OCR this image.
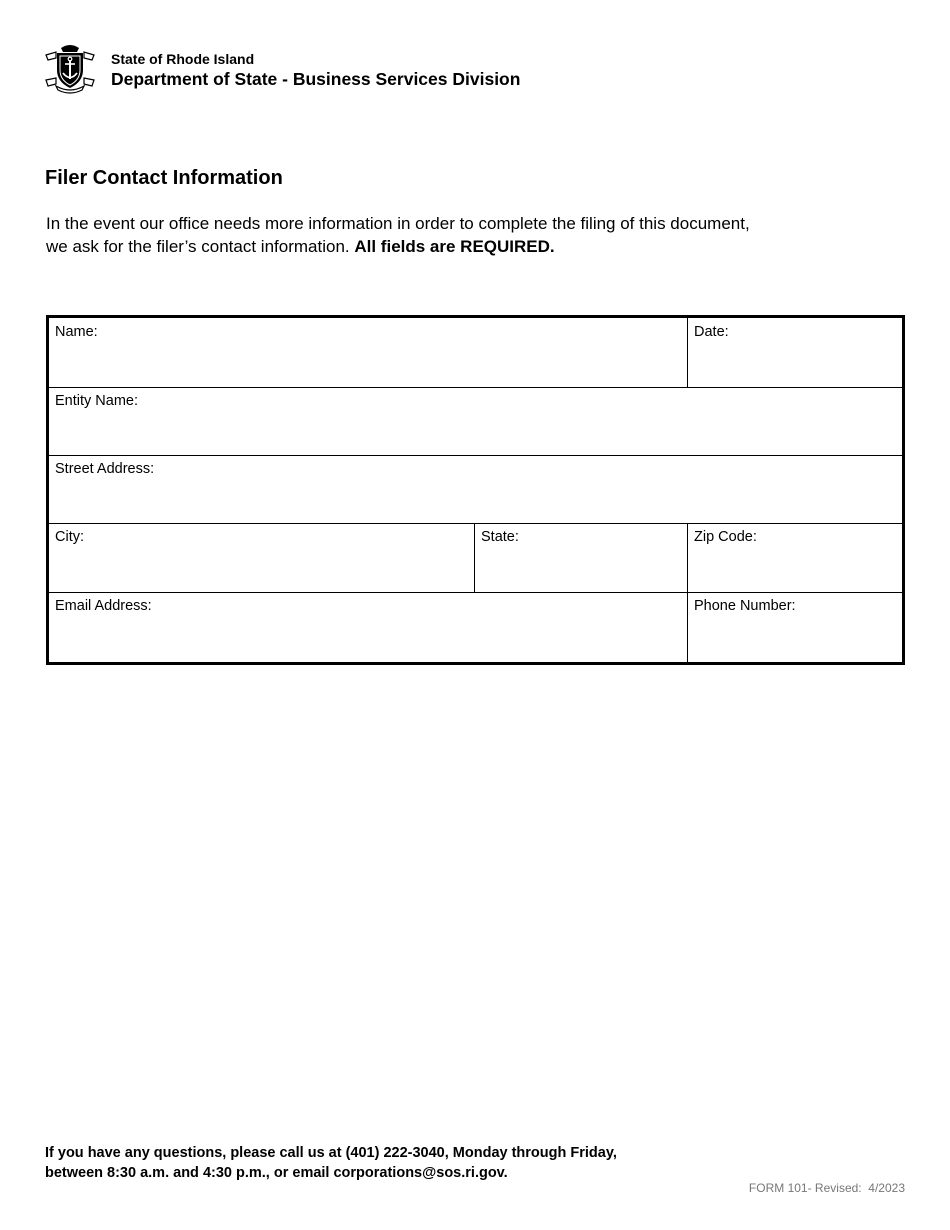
State of Rhode Island
Department of State - Business Services Division
Filer Contact Information
In the event our office needs more information in order to complete the filing of this document, we ask for the filer’s contact information. All fields are REQUIRED.
Name:	Date:
Entity Name:
Street Address:
City:	State:	Zip Code:
Email Address:	Phone Number:
If you have any questions, please call us at (401) 222-3040, Monday through Friday,
between 8:30 a.m. and 4:30 p.m., or email corporations@sos.ri.gov.
FORM 101- Revised:  4/2023
